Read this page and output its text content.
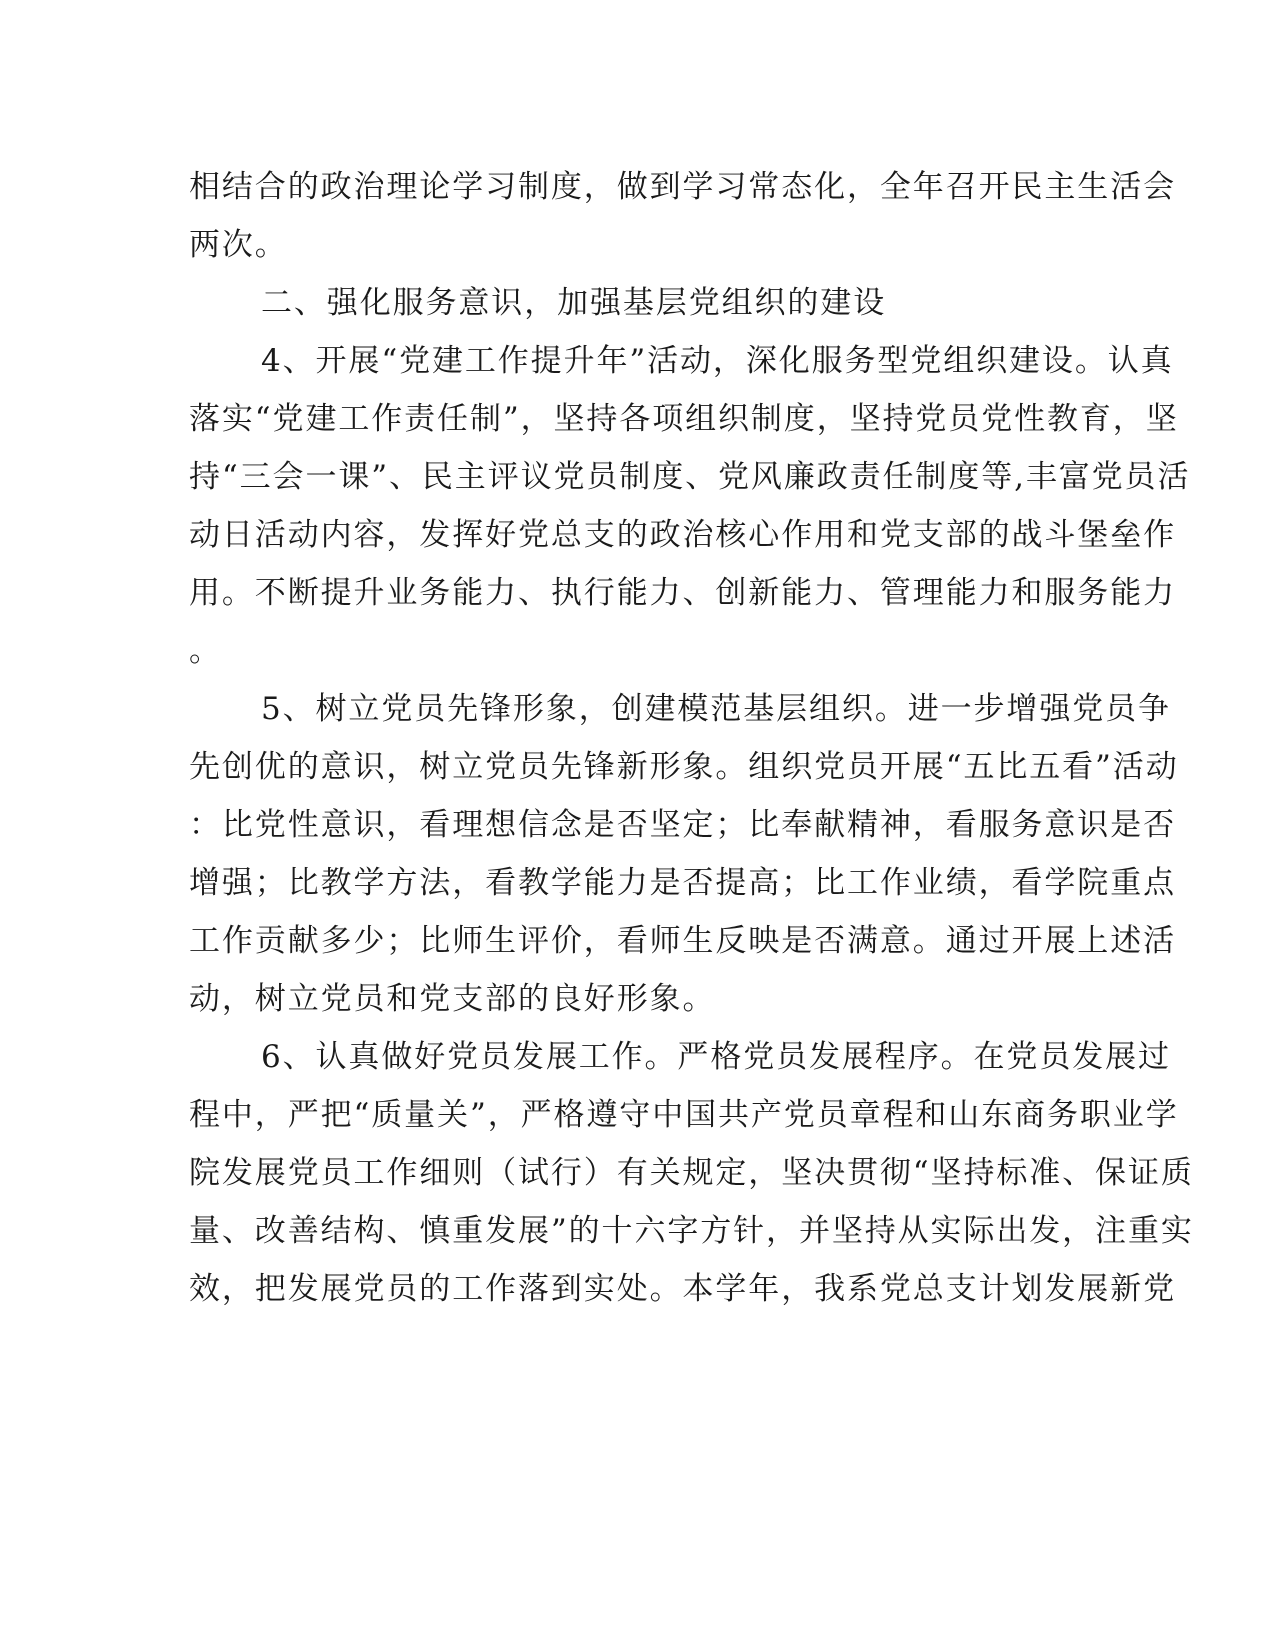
相结合的政治理论学习制度，做到学习常态化，全年召开民主生活会
两次。
二、强化服务意识，加强基层党组织的建设
4、开展“党建工作提升年”活动，深化服务型党组织建设。认真
落实“党建工作责任制”，坚持各项组织制度，坚持党员党性教育，坚
持“三会一课”、民主评议党员制度、党风廉政责任制度等,丰富党员活
动日活动内容，发挥好党总支的政治核心作用和党支部的战斗堡垒作
用。不断提升业务能力、执行能力、创新能力、管理能力和服务能力
。
5、树立党员先锋形象，创建模范基层组织。进一步增强党员争
先创优的意识，树立党员先锋新形象。组织党员开展“五比五看”活动
：比党性意识，看理想信念是否坚定；比奉献精神，看服务意识是否
增强；比教学方法，看教学能力是否提高；比工作业绩，看学院重点
工作贡献多少；比师生评价，看师生反映是否满意。通过开展上述活
动，树立党员和党支部的良好形象。
6、认真做好党员发展工作。严格党员发展程序。在党员发展过
程中，严把“质量关”，严格遵守中国共产党员章程和山东商务职业学
院发展党员工作细则（试行）有关规定，坚决贯彻“坚持标准、保证质
量、改善结构、慎重发展”的十六字方针，并坚持从实际出发，注重实
效，把发展党员的工作落到实处。本学年，我系党总支计划发展新党
